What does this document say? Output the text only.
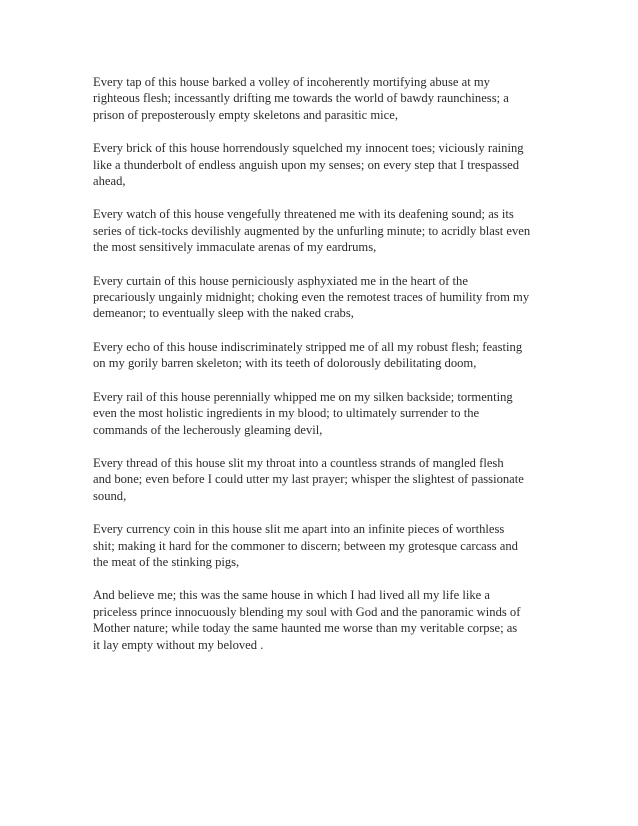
Every tap of this house barked a volley of incoherently mortifying abuse at my
righteous flesh; incessantly drifting me towards the world of bawdy raunchiness; a
prison of preposterously empty skeletons and parasitic mice,

Every brick of this house horrendously squelched my innocent toes; viciously raining
like a thunderbolt of endless anguish upon my senses; on every step that I trespassed
ahead,

Every watch of this house vengefully threatened me with its deafening sound; as its
series of tick-tocks devilishly augmented by the unfurling minute; to acridly blast even
the most sensitively immaculate arenas of my eardrums,

Every curtain of this house perniciously asphyxiated me in the heart of the
precariously ungainly midnight; choking even the remotest traces of humility from my
demeanor; to eventually sleep with the naked crabs,

Every echo of this house indiscriminately stripped me of all my robust flesh; feasting
on my gorily barren skeleton; with its teeth of dolorously debilitating doom,

Every rail of this house perennially whipped me on my silken backside; tormenting
even the most holistic ingredients in my blood; to ultimately surrender to the
commands of the lecherously gleaming devil,

Every thread of this house slit my throat into a countless strands of mangled flesh
and bone; even before I could utter my last prayer; whisper the slightest of passionate
sound,

Every currency coin in this house slit me apart into an infinite pieces of worthless
shit; making it hard for the commoner to discern; between my grotesque carcass and
the meat of the stinking pigs,

And believe me; this was the same house in which I had lived all my life like a
priceless prince innocuously blending my soul with God and the panoramic winds of
Mother nature; while today the same haunted me worse than my veritable corpse; as
it lay empty without my beloved .
